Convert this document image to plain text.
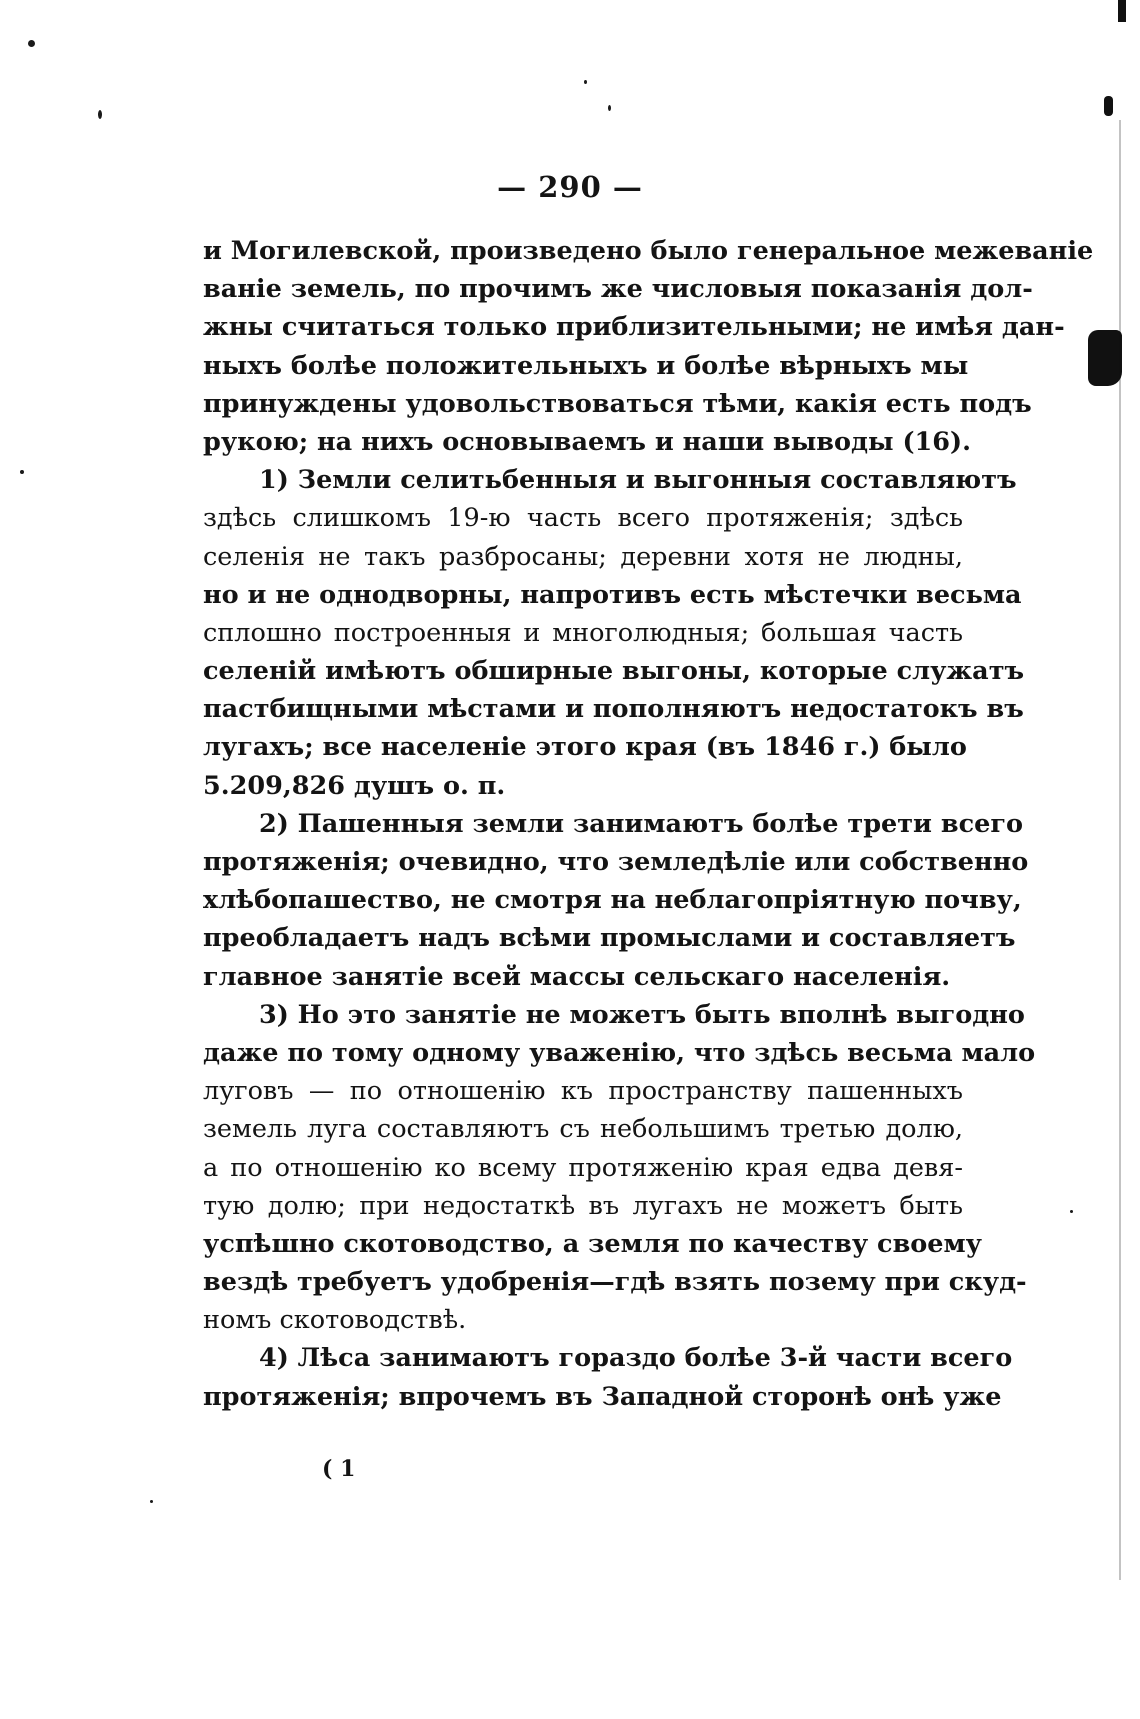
— 290 —
и Могилевской, произведено было генеральное межеванiе
ванiе земель, по прочимъ же числовыя показанiя дол-
жны считаться только приблизительными; не имѣя дан-
ныхъ болѣе положительныхъ и болѣе вѣрныхъ мы
принуждены удовольствоваться тѣми, какiя есть подъ
рукою; на нихъ основываемъ и наши выводы (16).
1) Земли селитьбенныя и выгонныя составляютъ
здѣсь слишкомъ 19-ю часть всего протяженiя; здѣсь
селенiя не такъ разбросаны; деревни хотя не людны,
но и не однодворны, напротивъ есть мѣстечки весьма
сплошно построенныя и многолюдныя; большая часть
селенiй имѣютъ обширные выгоны, которые служатъ
пастбищными мѣстами и пополняютъ недостатокъ въ
лугахъ; все населенiе этого края (въ 1846 г.) было
5.209,826 душъ о. п.
2) Пашенныя земли занимаютъ болѣе трети всего
протяженiя; очевидно, что земледѣлiе или собственно
хлѣбопашество, не смотря на неблагопрiятную почву,
преобладаетъ надъ всѣми промыслами и составляетъ
главное занятiе всей массы сельскаго населенiя.
3) Но это занятiе не можетъ быть вполнѣ выгодно
даже по тому одному уваженiю, что здѣсь весьма мало
луговъ — по отношенiю къ пространству пашенныхъ
земель луга составляютъ съ небольшимъ третью долю,
а по отношенiю ко всему протяженiю края едва девя-
тую долю; при недостаткѣ въ лугахъ не можетъ быть
успѣшно скотоводство, а земля по качеству своему
вездѣ требуетъ удобренiя—гдѣ взять позему при скуд-
номъ скотоводствѣ.
4) Лѣса занимаютъ гораздо болѣе 3-й части всего
протяженiя; впрочемъ въ Западной сторонѣ онѣ уже
( 1
